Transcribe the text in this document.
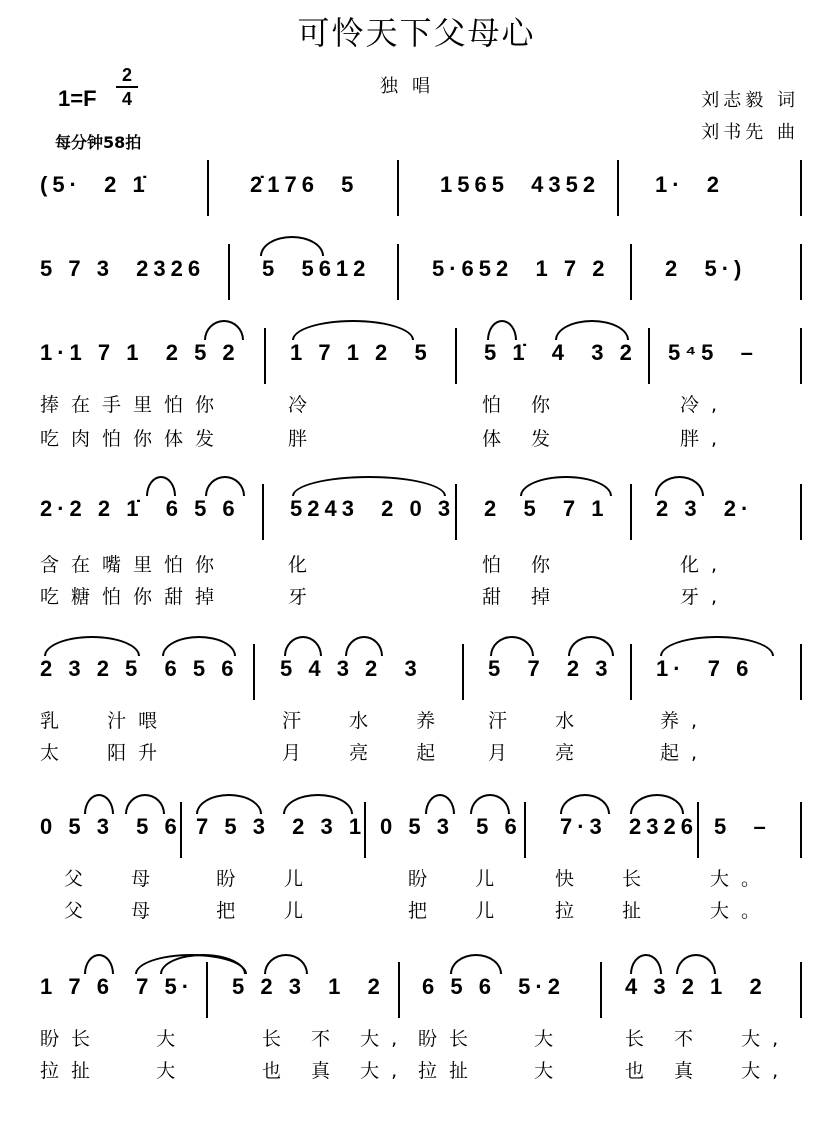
可怜天下父母心
1=F
2
4
每分钟58拍
独唱
刘志毅 词
刘书先 曲
(5·  2 1̇	2̇176  5	1565  4352 1·  2
5 7 3  2326	5  5612	5·652  1 7 2	2  5·)
1·1 7 1  2 5 2 1 7 1 2  5 5 1̇  4  3 2 5⁴5  –
捧在手里怕你	冷	怕 你	冷,
吃肉怕你体发	胖	体 发	胖,
2·2 2 1̇  6 5 6 5243  2 0 3 2  5  7 1 2 3  2·
含在嘴里怕你	化	怕 你	化,
吃糖怕你甜掉	牙	甜 掉	牙,
2 3 2 5  6 5 6 5 4 3 2  3	5  7  2 3 1·  7 6
乳  汁喂	汗  水  养 汗  水	养,
太  阳升	月  亮  起 月  亮	起,
0 5 3  5 6 7 5 3  2 3 1 0 5 3  5 6 7·3  2326 5  –
父  母   盼 儿	盼  儿	快  长	大。
父  母   把 儿	把  儿	拉  扯	大。
1 7 6  7 5· 5 2 3  1  2 6 5 6  5·2	4 3 2 1  2
盼长   大	长 不 大, 盼长   大	长 不  大,
拉扯   大	也 真 大, 拉扯   大	也 真  大,
